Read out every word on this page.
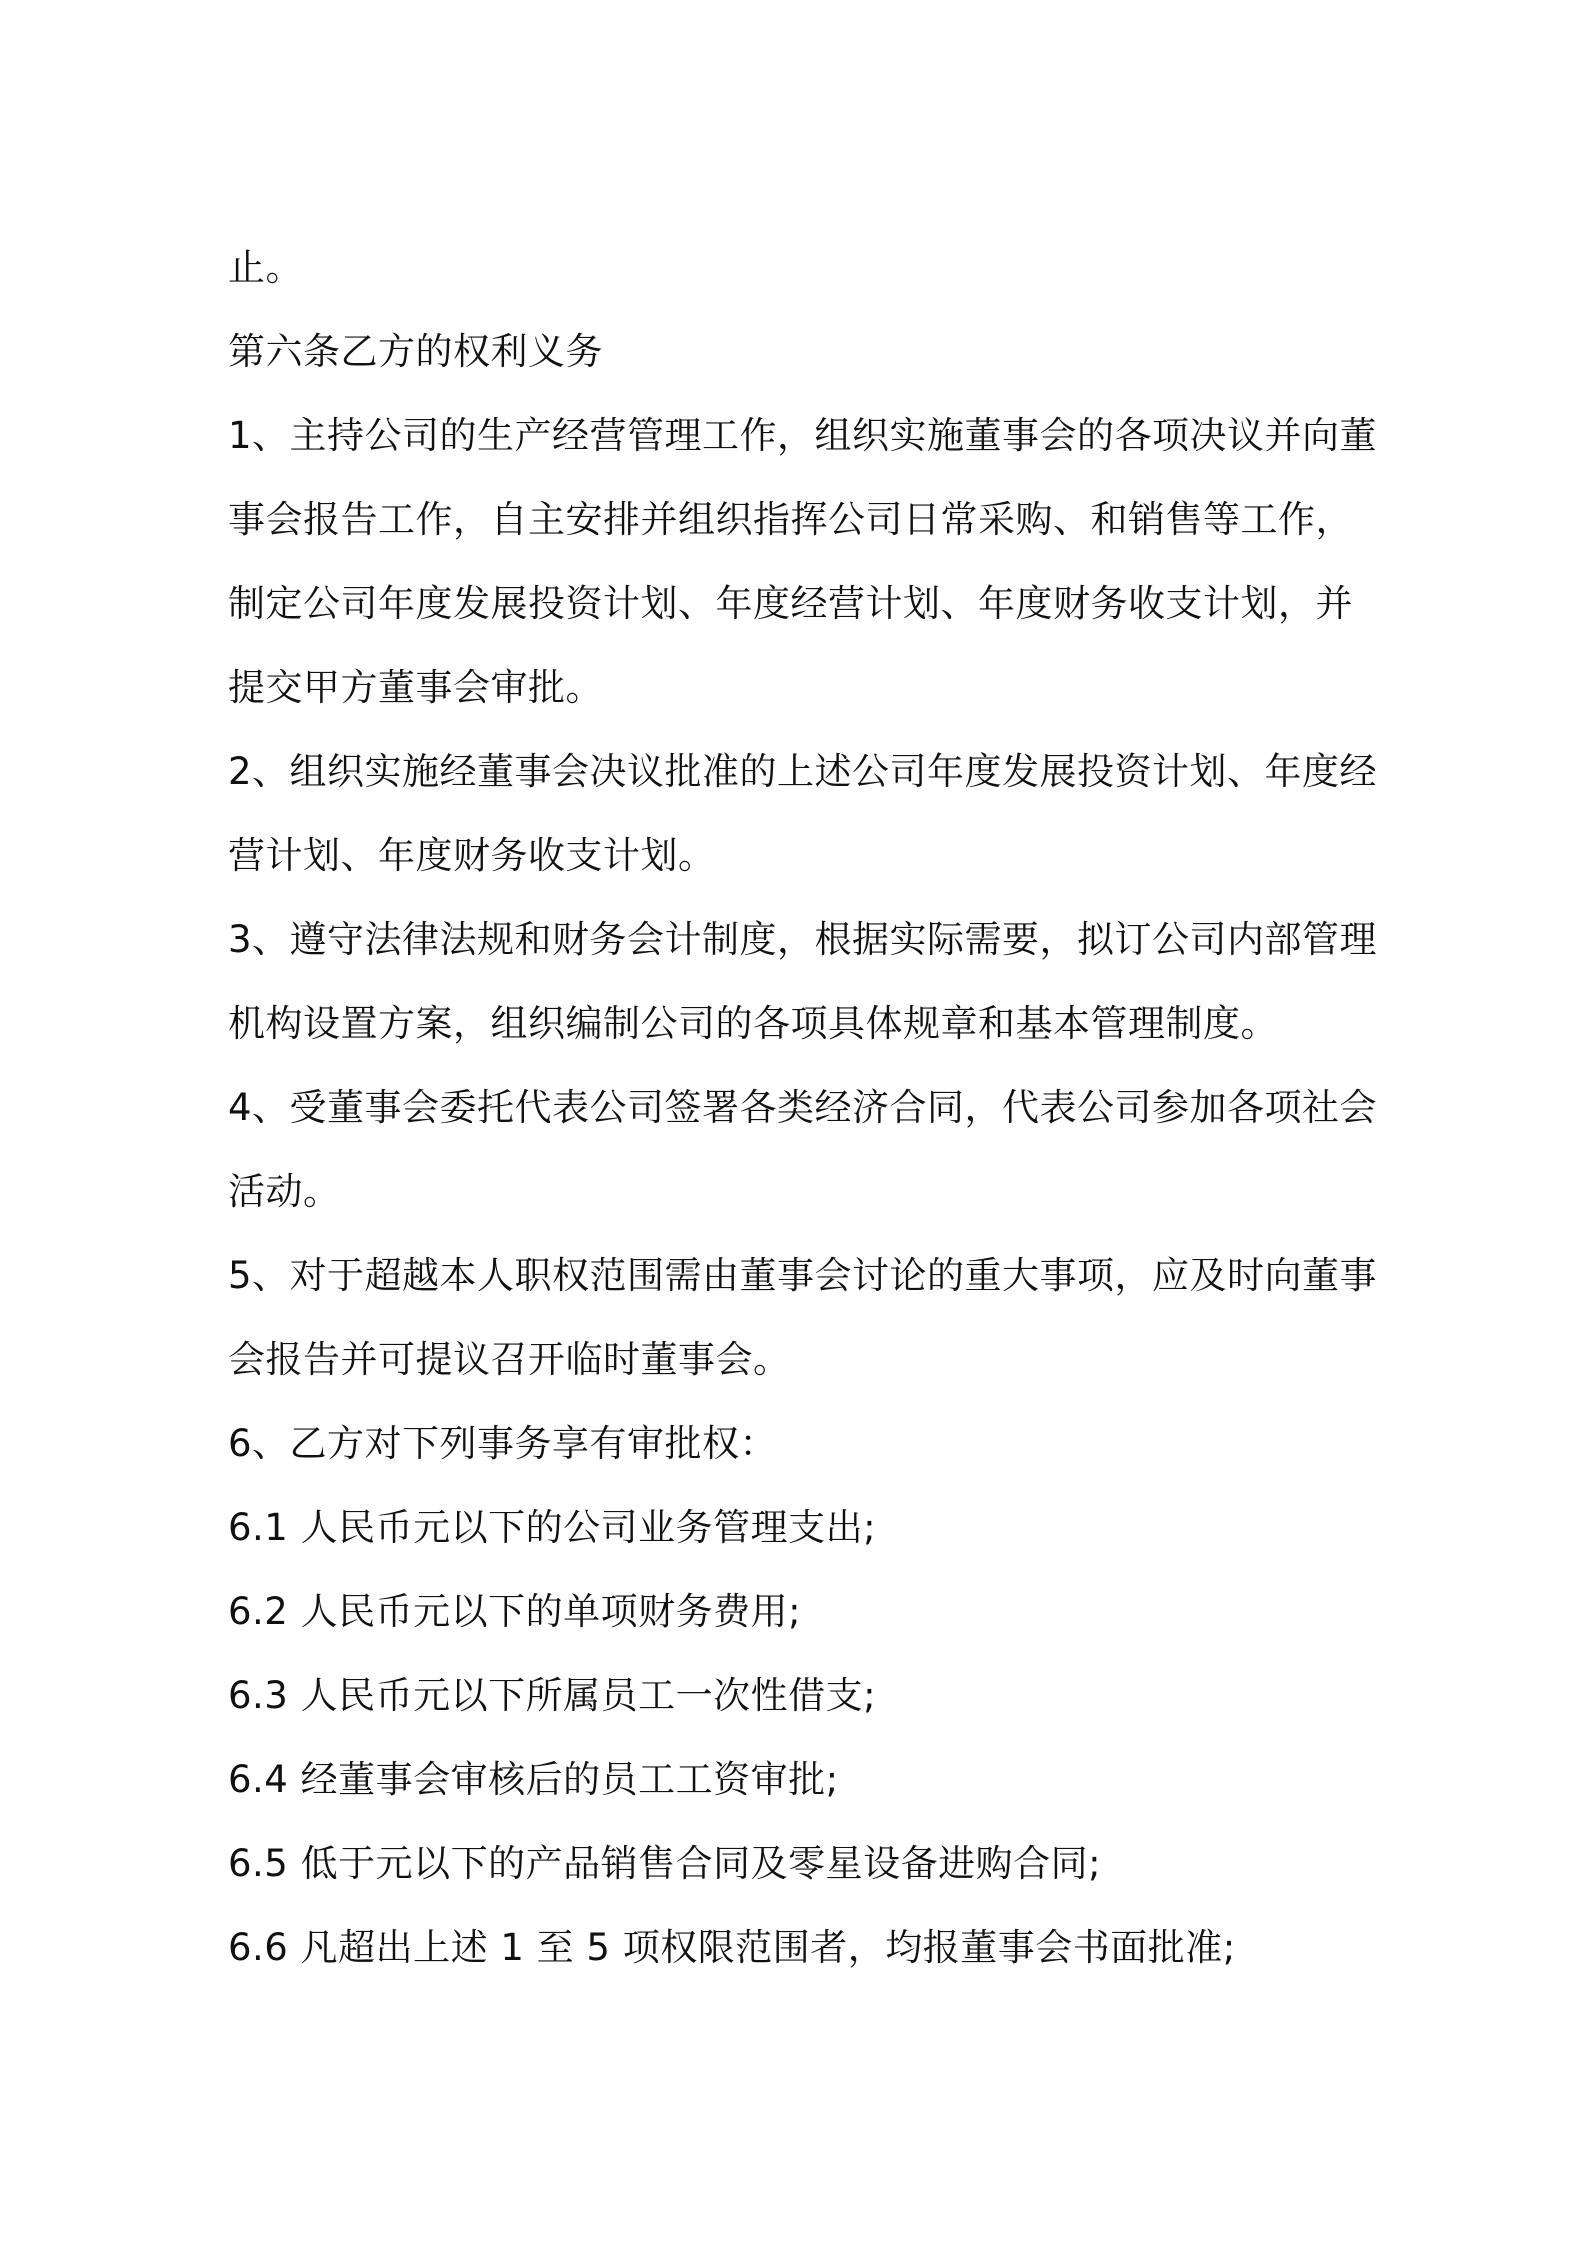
止。

第六条乙方的权利义务

1、主持公司的生产经营管理工作，组织实施董事会的各项决议并向董事会报告工作，自主安排并组织指挥公司日常采购、和销售等工作，制定公司年度发展投资计划、年度经营计划、年度财务收支计划，并提交甲方董事会审批。

2、组织实施经董事会决议批准的上述公司年度发展投资计划、年度经营计划、年度财务收支计划。

3、遵守法律法规和财务会计制度，根据实际需要，拟订公司内部管理机构设置方案，组织编制公司的各项具体规章和基本管理制度。

4、受董事会委托代表公司签署各类经济合同，代表公司参加各项社会活动。

5、对于超越本人职权范围需由董事会讨论的重大事项，应及时向董事会报告并可提议召开临时董事会。

6、乙方对下列事务享有审批权：

6.1 人民币元以下的公司业务管理支出;

6.2 人民币元以下的单项财务费用;

6.3 人民币元以下所属员工一次性借支;

6.4 经董事会审核后的员工工资审批;

6.5 低于元以下的产品销售合同及零星设备进购合同;

6.6 凡超出上述 1 至 5 项权限范围者，均报董事会书面批准;
